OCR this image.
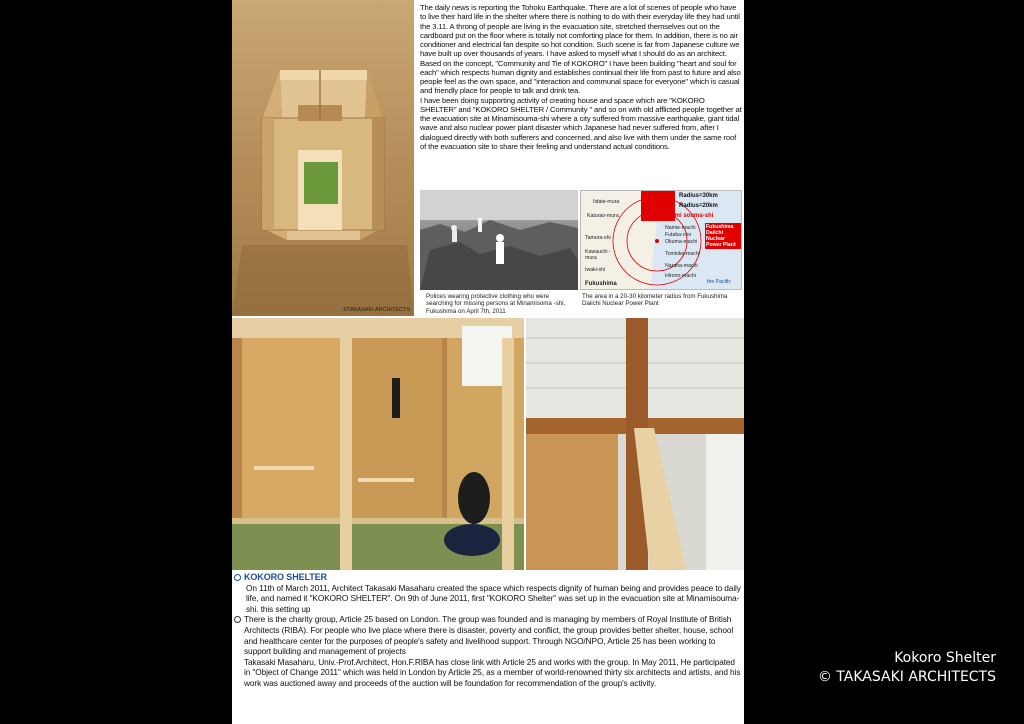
©TAKASAKI ARCHITECTS
The daily news is reporting the Tohoku Earthquake. There are a lot of scenes of people who have to live their hard life in the shelter where there is nothing to do with their everyday life they had until the 3.11. A throng of people are living in the evacuation site, stretched themselves out on the cardboard put on the floor where is totally not comforting place for them. In addition, there is no air conditioner and electrical fan despite so hot condition. Such scene is far from Japanese culture we have built up over thousands of years. I have asked to myself what I should do as an architect.
Based on the concept, "Community and Tie of KOKORO" I have been building "heart and soul for each" which respects human dignity and establishes continual their life from past to future and also people feel as the own space, and "interaction and communal space for everyone" which is casual and friendly place for people to talk and drink tea.
I have been doing supporting activity of creating house and space which are "KOKORO SHELTER" and "KOKORO SHELTER / Community " and so on with old afflicted people together at the evacuation site at Minamisouma-shi where a city suffered from massive earthquake, giant tidal wave and also nuclear power plant disaster which Japanese had never suffered from, after I dialogued directly with both sufferers and concerned, and also live with them under the same roof of the evacuation site to share their feeling and understand actual conditions.
Polices wearing protective clothing who were searching for missing persons at Minamisoma -shi, Fukushima on April 7th, 2011
Radius=30km
Radius=20km
Minami souma-shi
Fukushima Daiichi Nuclear Power Plant
Iidate-mura
Katurao-mura
Namie-machi
Futaba-cho
Okuma-machi
Tamura-shi
Kawauchi -mura
Tomioka-machi
Iwaki-shi
Naraha-machi
Hirono-machi
Fukushima	the Pacific
The area in a 20-30 kilometer radius from Fukushima Daiichi Nuclear Power Plant
KOKORO SHELTER
On 11th of March 2011, Architect Takasaki Masaharu created the space which respects dignity of human being and provides peace to daily life, and named it "KOKORO SHELTER". On 9th of June 2011, first "KOKORO Shelter" was set up in the evacuation site at Minamisouma-shi. this setting up
There is the charity group, Article 25 based on London. The group was founded and is managing by members of Royal Institute of British Architects (RIBA). For people who live place where there is disaster, poverty and conflict, the group provides better shelter, house, school and healthcare center for the purposes of people's safety and livelihood support. Through NGO/NPO, Article 25 has been working to support building and management of projects
Takasaki Masaharu, Univ.-Prof.Architect, Hon.F.RIBA has close link with Article 25 and works with the group. In May 2011, He participated in "Object of Change 2011" which was held in London by Article 25, as a member of world-renowned thirty six architects and artists, and his work was auctioned away and proceeds of the auction will be foundation for recommendation of the group's activity.
Kokoro Shelter
© TAKASAKI ARCHITECTS
